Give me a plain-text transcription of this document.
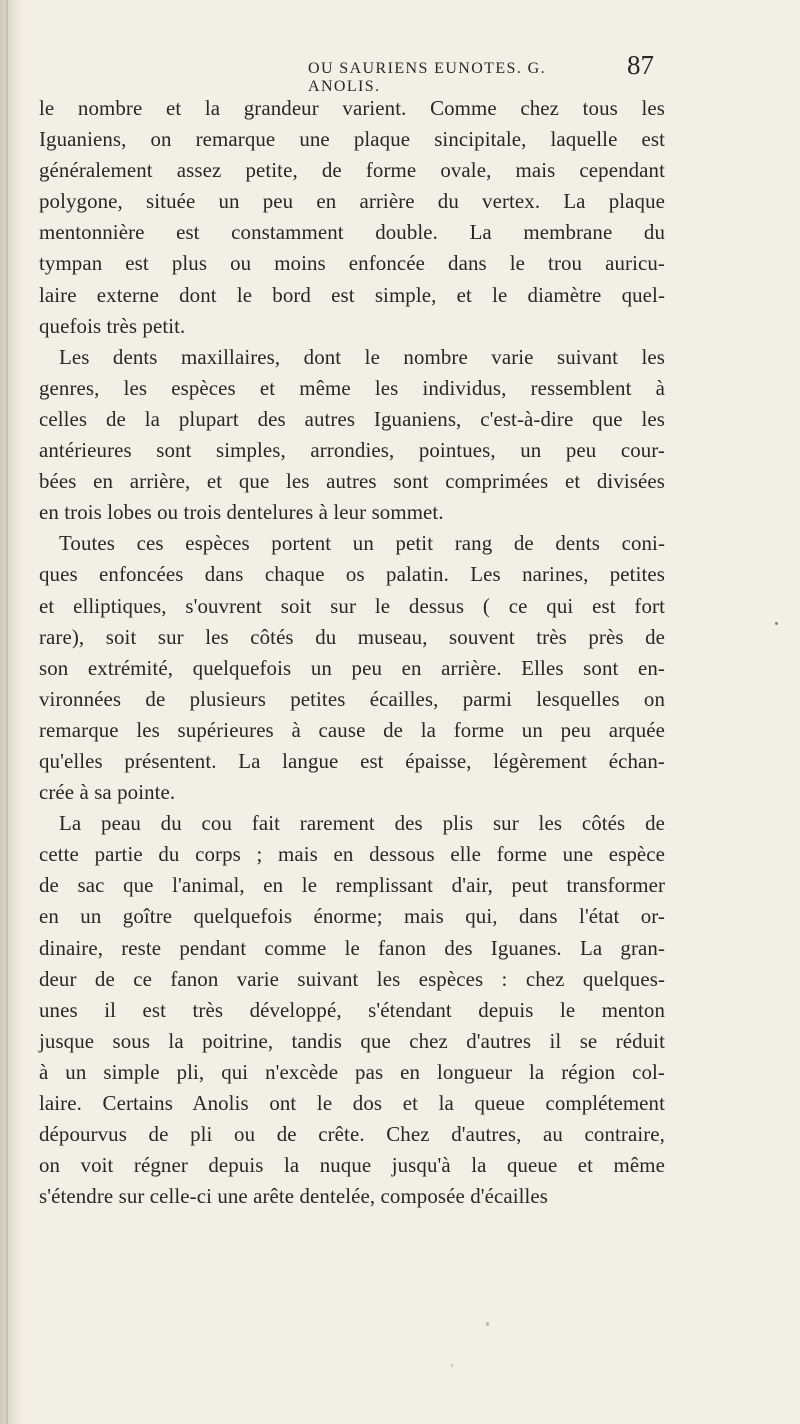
OU SAURIENS EUNOTES. G. ANOLIS.
87
le nombre et la grandeur varient. Comme chez tous les
Iguaniens, on remarque une plaque sincipitale, laquelle est
généralement assez petite, de forme ovale, mais cependant
polygone, située un peu en arrière du vertex. La plaque
mentonnière est constamment double. La membrane du
tympan est plus ou moins enfoncée dans le trou auricu-
laire externe dont le bord est simple, et le diamètre quel-
quefois très petit.
Les dents maxillaires, dont le nombre varie suivant les
genres, les espèces et même les individus, ressemblent à
celles de la plupart des autres Iguaniens, c'est-à-dire que les
antérieures sont simples, arrondies, pointues, un peu cour-
bées en arrière, et que les autres sont comprimées et divisées
en trois lobes ou trois dentelures à leur sommet.
Toutes ces espèces portent un petit rang de dents coni-
ques enfoncées dans chaque os palatin. Les narines, petites
et elliptiques, s'ouvrent soit sur le dessus ( ce qui est fort
rare), soit sur les côtés du museau, souvent très près de
son extrémité, quelquefois un peu en arrière. Elles sont en-
vironnées de plusieurs petites écailles, parmi lesquelles on
remarque les supérieures à cause de la forme un peu arquée
qu'elles présentent. La langue est épaisse, légèrement échan-
crée à sa pointe.
La peau du cou fait rarement des plis sur les côtés de
cette partie du corps ; mais en dessous elle forme une espèce
de sac que l'animal, en le remplissant d'air, peut transformer
en un goître quelquefois énorme; mais qui, dans l'état or-
dinaire, reste pendant comme le fanon des Iguanes. La gran-
deur de ce fanon varie suivant les espèces : chez quelques-
unes il est très développé, s'étendant depuis le menton
jusque sous la poitrine, tandis que chez d'autres il se réduit
à un simple pli, qui n'excède pas en longueur la région col-
laire. Certains Anolis ont le dos et la queue complétement
dépourvus de pli ou de crête. Chez d'autres, au contraire,
on voit régner depuis la nuque jusqu'à la queue et même
s'étendre sur celle-ci une arête dentelée, composée d'écailles
